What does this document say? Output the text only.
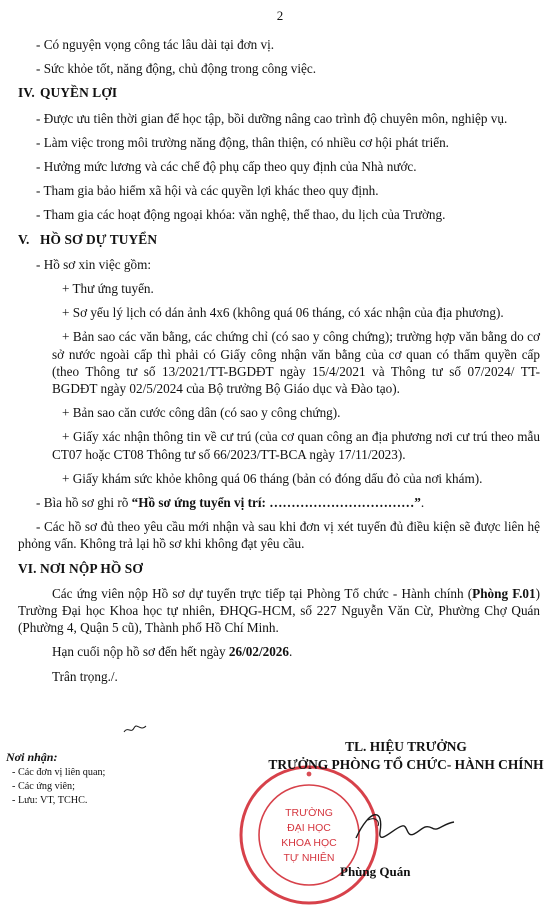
2

- Có nguyện vọng công tác lâu dài tại đơn vị.

- Sức khỏe tốt, năng động, chủ động trong công việc.

IV. QUYỀN LỢI

- Được ưu tiên thời gian để học tập, bồi dưỡng nâng cao trình độ chuyên môn, nghiệp vụ.

- Làm việc trong môi trường năng động, thân thiện, có nhiều cơ hội phát triển.

- Hưởng mức lương và các chế độ phụ cấp theo quy định của Nhà nước.

- Tham gia bảo hiểm xã hội và các quyền lợi khác theo quy định.

- Tham gia các hoạt động ngoại khóa: văn nghệ, thể thao, du lịch của Trường.

V. HỒ SƠ DỰ TUYỂN

- Hồ sơ xin việc gồm:

+ Thư ứng tuyển.

+ Sơ yếu lý lịch có dán ảnh 4x6 (không quá 06 tháng, có xác nhận của địa phương).

+ Bản sao các văn bằng, các chứng chỉ (có sao y công chứng); trường hợp văn bằng do cơ sở nước ngoài cấp thì phải có Giấy công nhận văn bằng của cơ quan có thẩm quyền cấp (theo Thông tư số 13/2021/TT-BGDĐT ngày 15/4/2021 và Thông tư số 07/2024/ TT-BGDĐT ngày 02/5/2024 của Bộ trưởng Bộ Giáo dục và Đào tạo).

+ Bản sao căn cước công dân (có sao y công chứng).

+ Giấy xác nhận thông tin về cư trú (của cơ quan công an địa phương nơi cư trú theo mẫu CT07 hoặc CT08 Thông tư số 66/2023/TT-BCA ngày 17/11/2023).

+ Giấy khám sức khỏe không quá 06 tháng (bản có đóng dấu đỏ của nơi khám).

- Bìa hồ sơ ghi rõ “Hồ sơ ứng tuyển vị trí: ……………………………”.

- Các hồ sơ đủ theo yêu cầu mới nhận và sau khi đơn vị xét tuyển đủ điều kiện sẽ được liên hệ phỏng vấn. Không trả lại hồ sơ khi không đạt yêu cầu.

VI. NƠI NỘP HỒ SƠ

Các ứng viên nộp Hồ sơ dự tuyển trực tiếp tại Phòng Tổ chức - Hành chính (Phòng F.01) Trường Đại học Khoa học tự nhiên, ĐHQG-HCM, số 227 Nguyễn Văn Cừ, Phường Chợ Quán (Phường 4, Quận 5 cũ), Thành phố Hồ Chí Minh.

Hạn cuối nộp hồ sơ đến hết ngày 26/02/2026.

Trân trọng./.

Nơi nhận:
- Các đơn vị liên quan;
- Các ứng viên;
- Lưu: VT, TCHC.
TRƯỜNG
ĐẠI HỌC
KHOA HỌC
TỰ NHIÊN
TL. HIỆU TRƯỞNG
TRƯỞNG PHÒNG TỔ CHỨC- HÀNH CHÍNH
Phùng Quán
